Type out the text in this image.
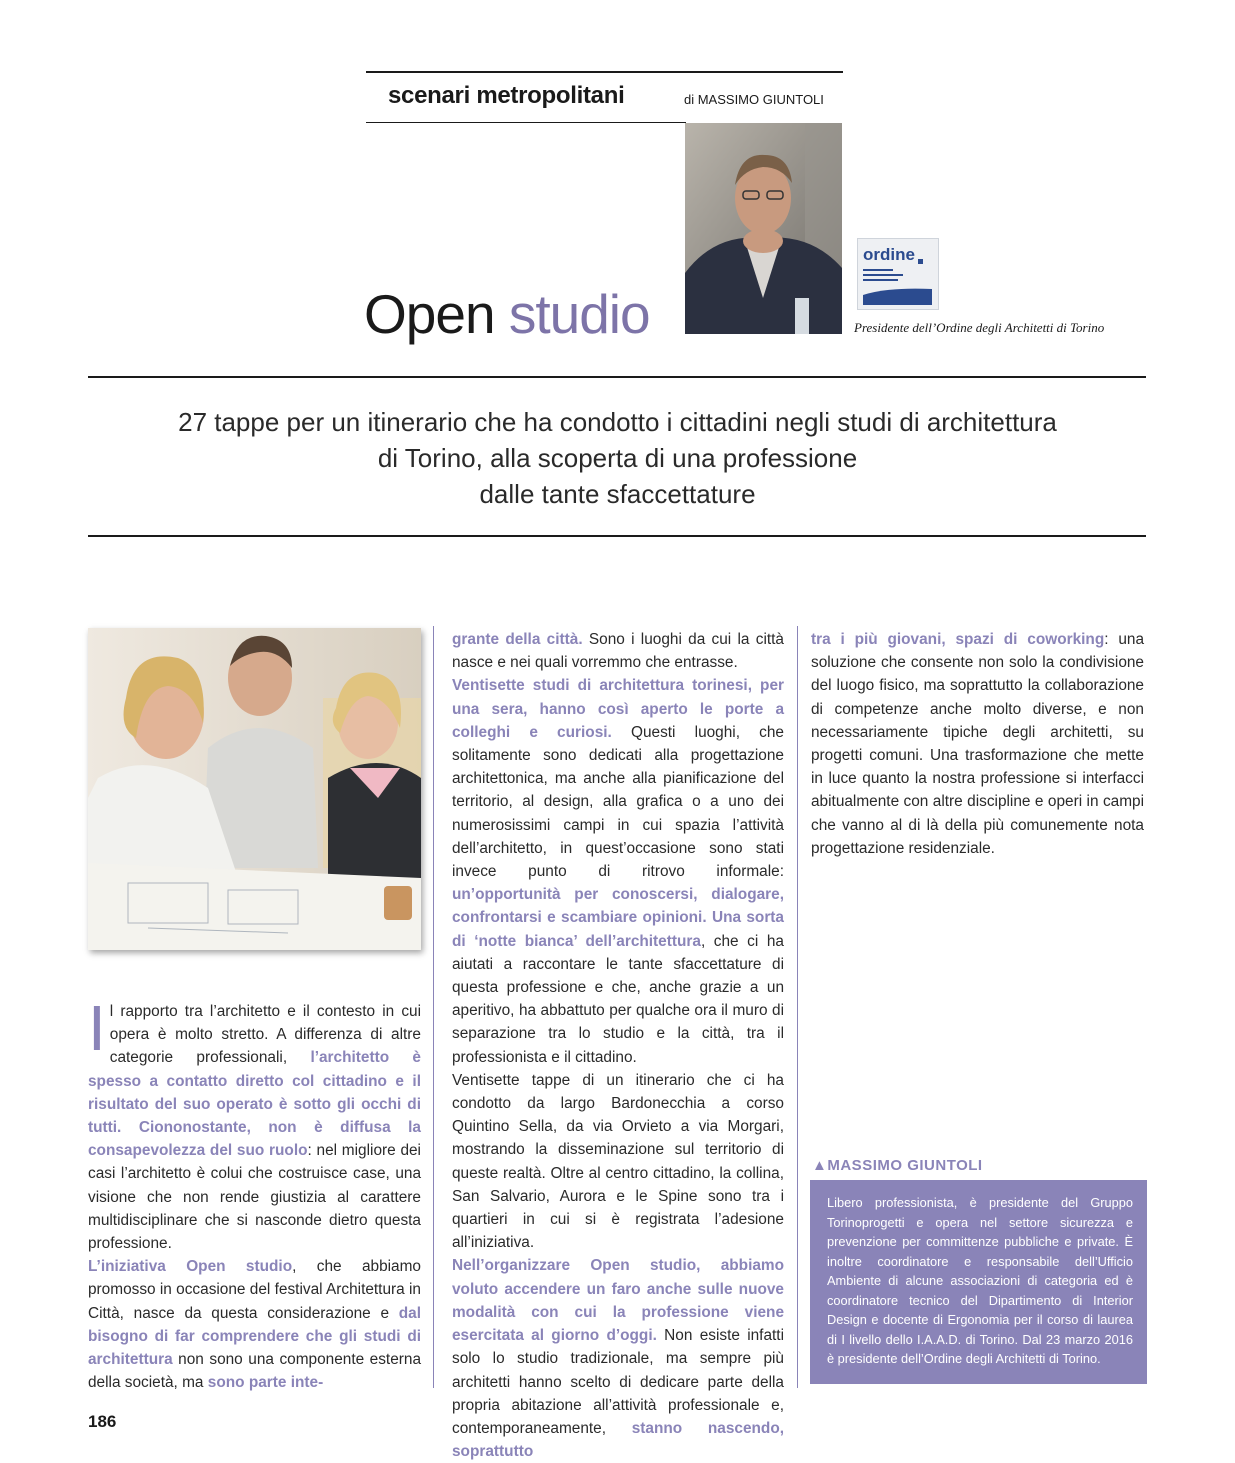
scenari metropolitani	di MASSIMO GIUNTOLI
ordine
Presidente dell’Ordine degli Architetti di Torino
Open studio
27 tappe per un itinerario che ha condotto i cittadini negli studi di architettura
di Torino, alla scoperta di una professione
dalle tante sfaccettature

Il rapporto tra l’architetto e il contesto in cui opera è molto stretto. A differenza di altre categorie professionali, l’architetto è spesso a contatto diretto col cittadino e il risultato del suo operato è sotto gli occhi di tutti. Ciononostante, non è diffusa la consapevolezza del suo ruolo: nel migliore dei casi l’architetto è colui che costruisce case, una visione che non rende giustizia al carattere multidisciplinare che si nasconde dietro questa professione.
L’iniziativa Open studio, che abbiamo promosso in occasione del festival Architettura in Città, nasce da questa considerazione e dal bisogno di far comprendere che gli studi di architettura non sono una componente esterna della società, ma sono parte inte-

grante della città. Sono i luoghi da cui la città nasce e nei quali vorremmo che entrasse.
Ventisette studi di architettura torinesi, per una sera, hanno così aperto le porte a colleghi e curiosi. Questi luoghi, che solitamente sono dedicati alla progettazione architettonica, ma anche alla pianificazione del territorio, al design, alla grafica o a uno dei numerosissimi campi in cui spazia l’attività dell’architetto, in quest’occasione sono stati invece punto di ritrovo informale: un’opportunità per conoscersi, dialogare, confrontarsi e scambiare opinioni. Una sorta di ‘notte bianca’ dell’architettura, che ci ha aiutati a raccontare le tante sfaccettature di questa professione e che, anche grazie a un aperitivo, ha abbattuto per qualche ora il muro di separazione tra lo studio e la città, tra il professionista e il cittadino.

Ventisette tappe di un itinerario che ci ha condotto da largo Bardonecchia a corso Quintino Sella, da via Orvieto a via Morgari, mostrando la disseminazione sul territorio di queste realtà. Oltre al centro cittadino, la collina, San Salvario, Aurora e le Spine sono tra i quartieri in cui si è registrata l’adesione all’iniziativa.

Nell’organizzare Open studio, abbiamo voluto accendere un faro anche sulle nuove modalità con cui la professione viene esercitata al giorno d’oggi. Non esiste infatti solo lo studio tradizionale, ma sempre più architetti hanno scelto di dedicare parte della propria abitazione all’attività professionale e, contemporaneamente, stanno nascendo, soprattutto

tra i più giovani, spazi di coworking: una soluzione che consente non solo la condivisione del luogo fisico, ma soprattutto la collaborazione di competenze anche molto diverse, e non necessariamente tipiche degli architetti, su progetti comuni. Una trasformazione che mette in luce quanto la nostra professione si interfacci abitualmente con altre discipline e operi in campi che vanno al di là della più comunemente nota progettazione residenziale.

▲MASSIMO GIUNTOLI
Libero professionista, è presidente del Gruppo Torinoprogetti e opera nel settore sicurezza e prevenzione per committenze pubbliche e private. È inoltre coordinatore e responsabile dell’Ufficio Ambiente di alcune associazioni di categoria ed è coordinatore tecnico del Dipartimento di Interior Design e docente di Ergonomia per il corso di laurea di I livello dello I.A.A.D. di Torino. Dal 23 marzo 2016 è presidente dell’Ordine degli Architetti di Torino.
186
